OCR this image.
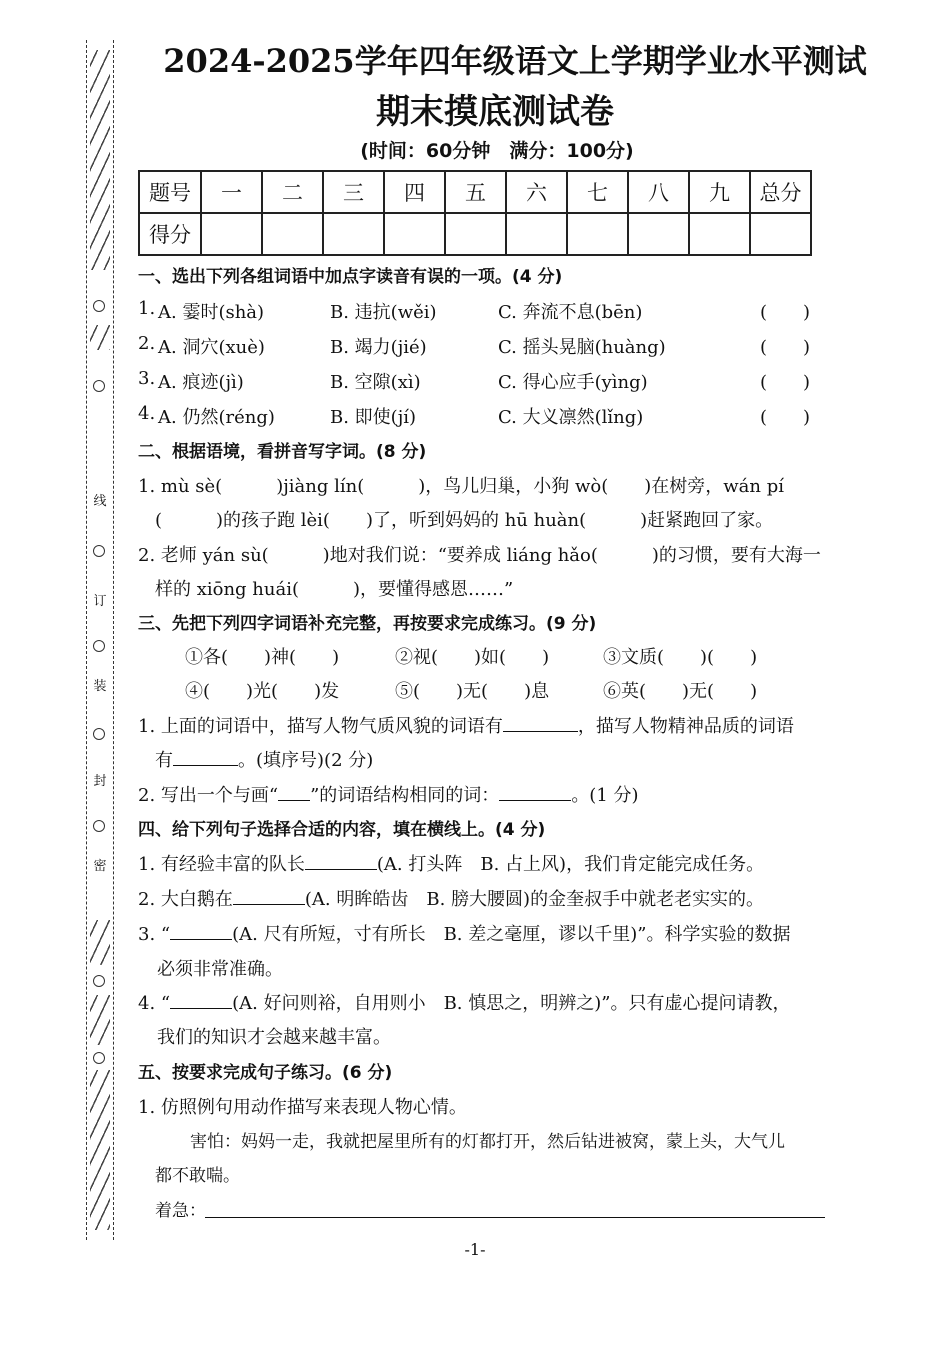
线
订
装
封
密
2024-2025学年四年级语文上学期学业水平测试
期末摸底测试卷
(时间：60分钟　满分：100分)
题号	一	二	三	四	五	六	七	八	九	总分
得分										
一、选出下列各组词语中加点字读音有误的一项。(4 分)
1. A. 霎时(shà)	B. 违抗(wěi)	C. 奔流不息(bēn)	(　　)
2. A. 洞穴(xuè)	B. 竭力(jié)	C. 摇头晃脑(huàng)	(　　)
3. A. 痕迹(jì)	B. 空隙(xì)	C. 得心应手(yìng)	(　　)
4. A. 仍然(réng)	B. 即使(jí)	C. 大义凛然(lǐng)	(　　)
二、根据语境，看拼音写字词。(8 分)
1. mù sè(　　　)jiàng lín(　　　)，鸟儿归巢，小狗 wò(　　)在树旁，wán pí
(　　　)的孩子跑 lèi(　　)了，听到妈妈的 hū huàn(　　　)赶紧跑回了家。
2. 老师 yán sù(　　　)地对我们说：“要养成 liáng hǎo(　　　)的习惯，要有大海一
样的 xiōng huái(　　　)，要懂得感恩……”
三、先把下列四字词语补充完整，再按要求完成练习。(9 分)
①各(　　)神(　　)	②视(　　)如(　　)	③文质(　　)(　　)
④(　　)光(　　)发	⑤(　　)无(　　)息	⑥英(　　)无(　　)
1. 上面的词语中，描写人物气质风貌的词语有	，描写人物精神品质的词语
有	。(填序号)(2 分)
2. 写出一个与画“ ”的词语结构相同的词：	。(1 分)
四、给下列句子选择合适的内容，填在横线上。(4 分)
1. 有经验丰富的队长	(A. 打头阵　B. 占上风)，我们肯定能完成任务。
2. 大白鹅在	(A. 明眸皓齿　B. 膀大腰圆)的金奎叔手中就老老实实的。
3. “	(A. 尺有所短，寸有所长　B. 差之毫厘，谬以千里)”。科学实验的数据
必须非常准确。
4. “	(A. 好问则裕，自用则小　B. 慎思之，明辨之)”。只有虚心提问请教，
我们的知识才会越来越丰富。
五、按要求完成句子练习。(6 分)
1. 仿照例句用动作描写来表现人物心情。
害怕：妈妈一走，我就把屋里所有的灯都打开，然后钻进被窝，蒙上头，大气儿
都不敢喘。
着急：
-1-
